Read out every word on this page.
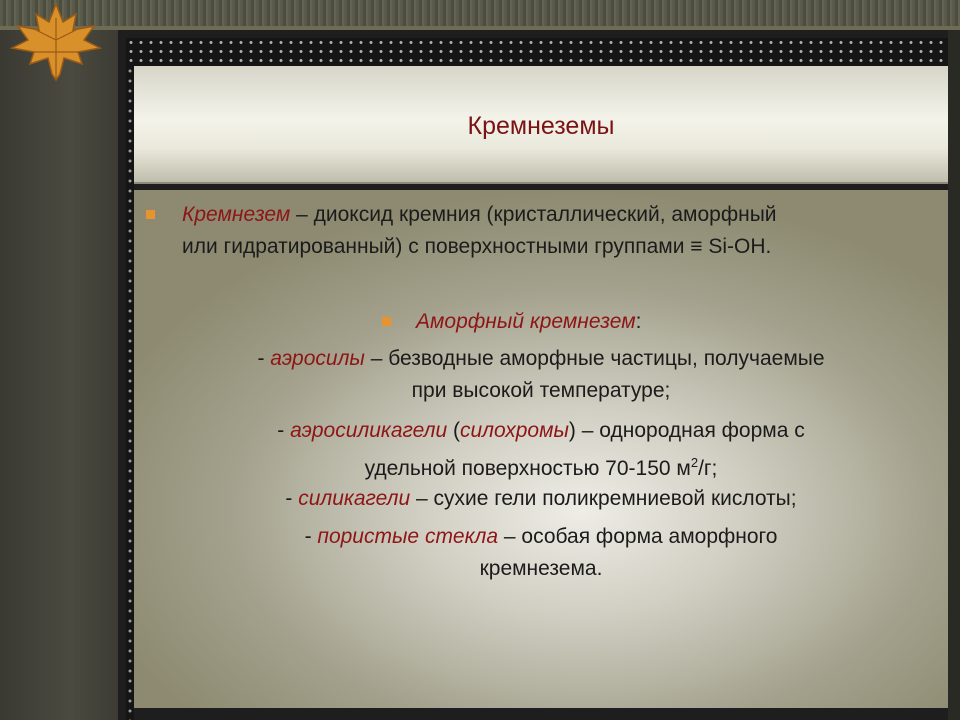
Кремнеземы
Кремнезем – диоксид кремния (кристаллический, аморфный
или гидратированный) с поверхностными группами ≡ Si-OH.
Аморфный кремнезем:
- аэросилы – безводные аморфные частицы, получаемые
при высокой температуре;
- аэросиликагели (силохромы) – однородная форма с
удельной поверхностью 70-150 $м^2/г$;
- силикагели – сухие гели поликремниевой кислоты;
- пористые стекла – особая форма аморфного
кремнезема.
